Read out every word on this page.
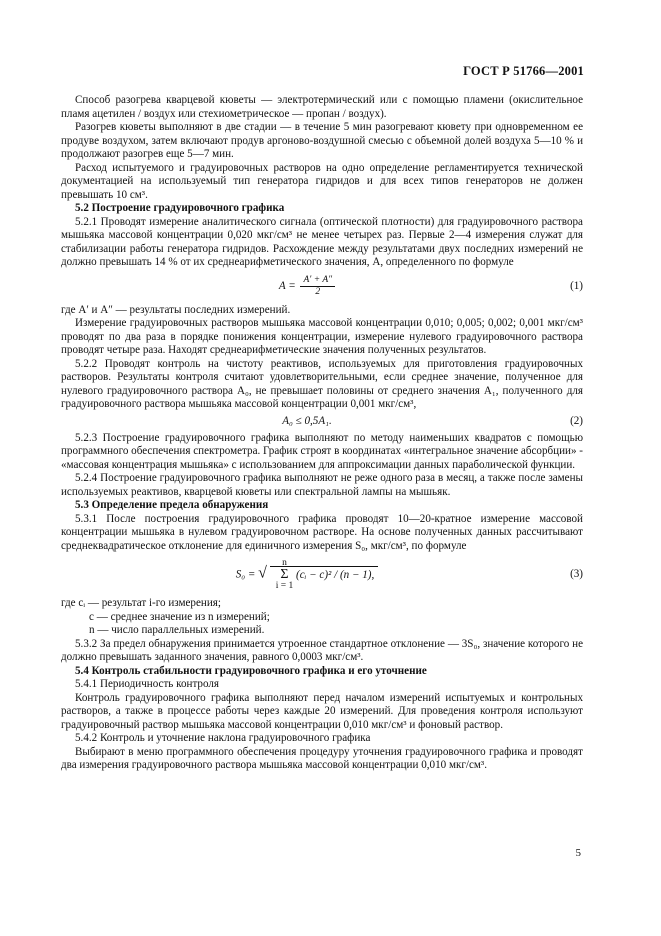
ГОСТ Р 51766—2001

Способ разогрева кварцевой кюветы — электротермический или с помощью пламени (окислительное пламя ацетилен / воздух или стехиометрическое — пропан / воздух).

Разогрев кюветы выполняют в две стадии — в течение 5 мин разогревают кювету при одновременном ее продуве воздухом, затем включают продув аргоново-воздушной смесью с объемной долей воздуха 5—10 % и продолжают разогрев еще 5—7 мин.

Расход испытуемого и градуировочных растворов на одно определение регламентируется технической документацией на используемый тип генератора гидридов и для всех типов генераторов не должен превышать 10 см³.

5.2 Построение градуировочного графика

5.2.1 Проводят измерение аналитического сигнала (оптической плотности) для градуировочного раствора мышьяка массовой концентрации 0,020 мкг/см³ не менее четырех раз. Первые 2—4 измерения служат для стабилизации работы генератора гидридов. Расхождение между результатами двух последних измерений не должно превышать 14 % от их среднеарифметического значения, A, определенного по формуле

$A = \frac{A' + A''}{2}$	(1)

где A′ и A″ — результаты последних измерений.

Измерение градуировочных растворов мышьяка массовой концентрации 0,010; 0,005; 0,002; 0,001 мкг/см³ проводят по два раза в порядке понижения концентрации, измерение нулевого градуировочного раствора проводят четыре раза. Находят среднеарифметические значения полученных результатов.

5.2.2 Проводят контроль на чистоту реактивов, используемых для приготовления градуировочных растворов. Результаты контроля считают удовлетворительными, если среднее значение, полученное для нулевого градуировочного раствора A₀, не превышает половины от среднего значения A₁, полученного для градуировочного раствора мышьяка массовой концентрации 0,001 мкг/см³,

A₀ ≤ 0,5A₁.	(2)

5.2.3 Построение градуировочного графика выполняют по методу наименьших квадратов с помощью программного обеспечения спектрометра. График строят в координатах «интегральное значение абсорбции» - «массовая концентрация мышьяка» с использованием для аппроксимации данных параболической функции.

5.2.4 Построение градуировочного графика выполняют не реже одного раза в месяц, а также после замены используемых реактивов, кварцевой кюветы или спектральной лампы на мышьяк.

5.3 Определение предела обнаружения

5.3.1 После построения градуировочного графика проводят 10—20-кратное измерение массовой концентрации мышьяка в нулевом градуировочном растворе. На основе полученных данных рассчитывают среднеквадратическое отклонение для единичного измерения S₀, мкг/см³, по формуле

S₀ = √
n
Σ
i = 1
(cᵢ − c)² / (n − 1),	(3)

где cᵢ — результат i-го измерения;

c — среднее значение из n измерений;

n — число параллельных измерений.

5.3.2 За предел обнаружения принимается утроенное стандартное отклонение — 3S₀, значение которого не должно превышать заданного значения, равного 0,0003 мкг/см³.

5.4 Контроль стабильности градуировочного графика и его уточнение

5.4.1 Периодичность контроля

Контроль градуировочного графика выполняют перед началом измерений испытуемых и контрольных растворов, а также в процессе работы через каждые 20 измерений. Для проведения контроля используют градуировочный раствор мышьяка массовой концентрации 0,010 мкг/см³ и фоновый раствор.

5.4.2 Контроль и уточнение наклона градуировочного графика

Выбирают в меню программного обеспечения процедуру уточнения градуировочного графика и проводят два измерения градуировочного раствора мышьяка массовой концентрации 0,010 мкг/см³.

5
